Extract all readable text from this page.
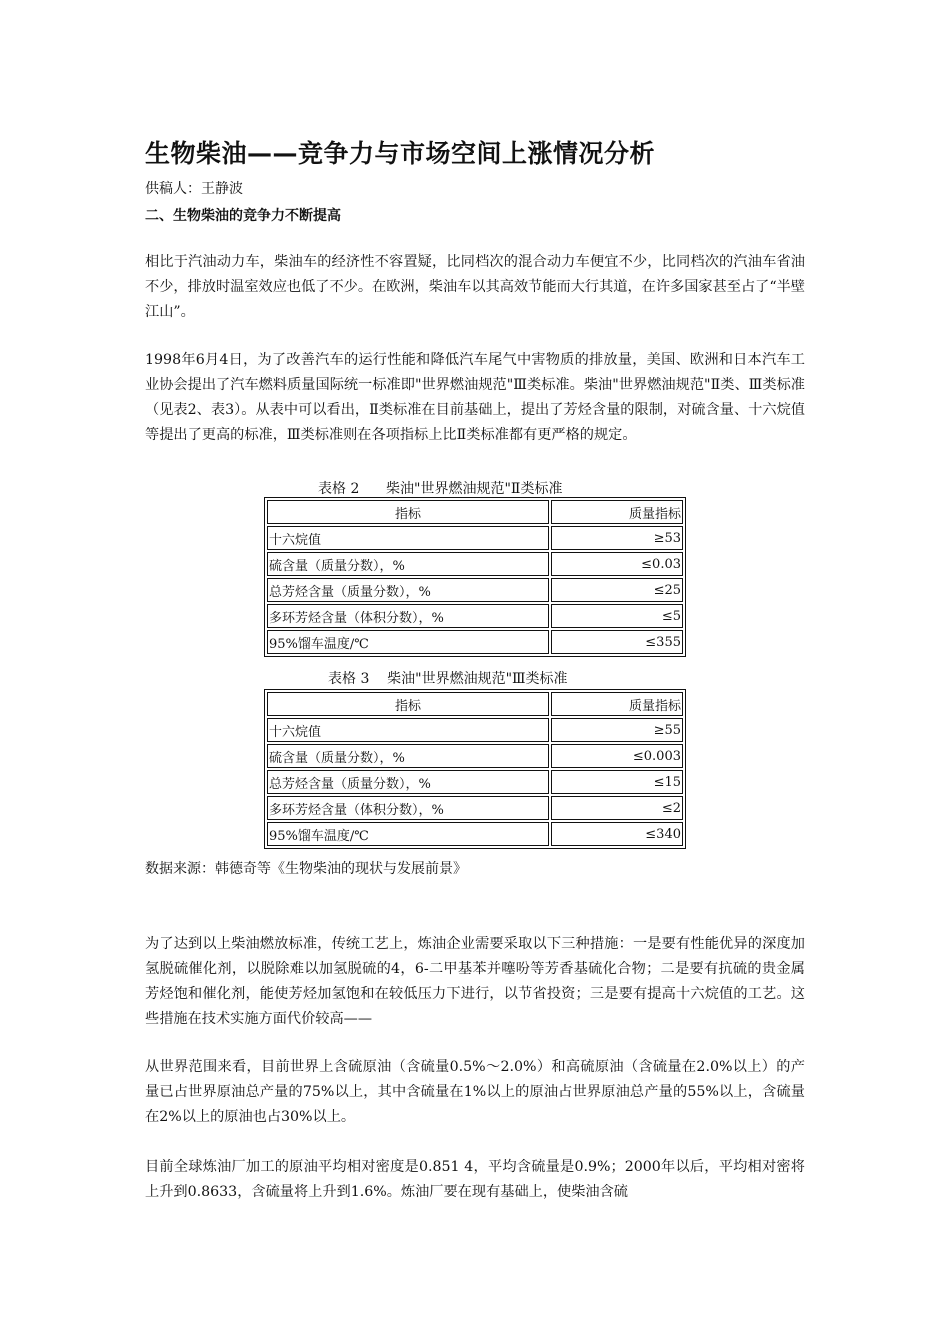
生物柴油——竞争力与市场空间上涨情况分析
供稿人：王静波
二、生物柴油的竞争力不断提高
相比于汽油动力车，柴油车的经济性不容置疑，比同档次的混合动力车便宜不少，比同档次的汽油车省油不少，排放时温室效应也低了不少。在欧洲，柴油车以其高效节能而大行其道，在许多国家甚至占了“半壁江山”。
1998年6月4日，为了改善汽车的运行性能和降低汽车尾气中害物质的排放量，美国、欧洲和日本汽车工业协会提出了汽车燃料质量国际统一标准即"世界燃油规范"Ⅲ类标准。柴油"世界燃油规范"Ⅱ类、Ⅲ类标准（见表2、表3）。从表中可以看出，Ⅱ类标准在目前基础上，提出了芳烃含量的限制，对硫含量、十六烷值等提出了更高的标准，Ⅲ类标准则在各项指标上比Ⅱ类标准都有更严格的规定。
表格 2      柴油"世界燃油规范"Ⅱ类标准
指标	质量指标
十六烷值	≥53
硫含量（质量分数），%	≤0.03
总芳烃含量（质量分数），%	≤25
多环芳烃含量（体积分数），%	≤5
95%馏车温度/℃	≤355
表格 3    柴油"世界燃油规范"Ⅲ类标准
指标	质量指标
十六烷值	≥55
硫含量（质量分数），%	≤0.003
总芳烃含量（质量分数），%	≤15
多环芳烃含量（体积分数），%	≤2
95%馏车温度/℃	≤340
数据来源：韩德奇等《生物柴油的现状与发展前景》
为了达到以上柴油燃放标准，传统工艺上，炼油企业需要采取以下三种措施：一是要有性能优异的深度加氢脱硫催化剂，以脱除难以加氢脱硫的4，6-二甲基苯并噻吩等芳香基硫化合物；二是要有抗硫的贵金属芳烃饱和催化剂，能使芳烃加氢饱和在较低压力下进行，以节省投资；三是要有提高十六烷值的工艺。这些措施在技术实施方面代价较高——
从世界范围来看，目前世界上含硫原油（含硫量0.5%～2.0%）和高硫原油（含硫量在2.0%以上）的产量已占世界原油总产量的75%以上，其中含硫量在1%以上的原油占世界原油总产量的55%以上，含硫量在2%以上的原油也占30%以上。
目前全球炼油厂加工的原油平均相对密度是0.851 4，平均含硫量是0.9%；2000年以后，平均相对密将上升到0.8633，含硫量将上升到1.6%。炼油厂要在现有基础上，使柴油含硫
